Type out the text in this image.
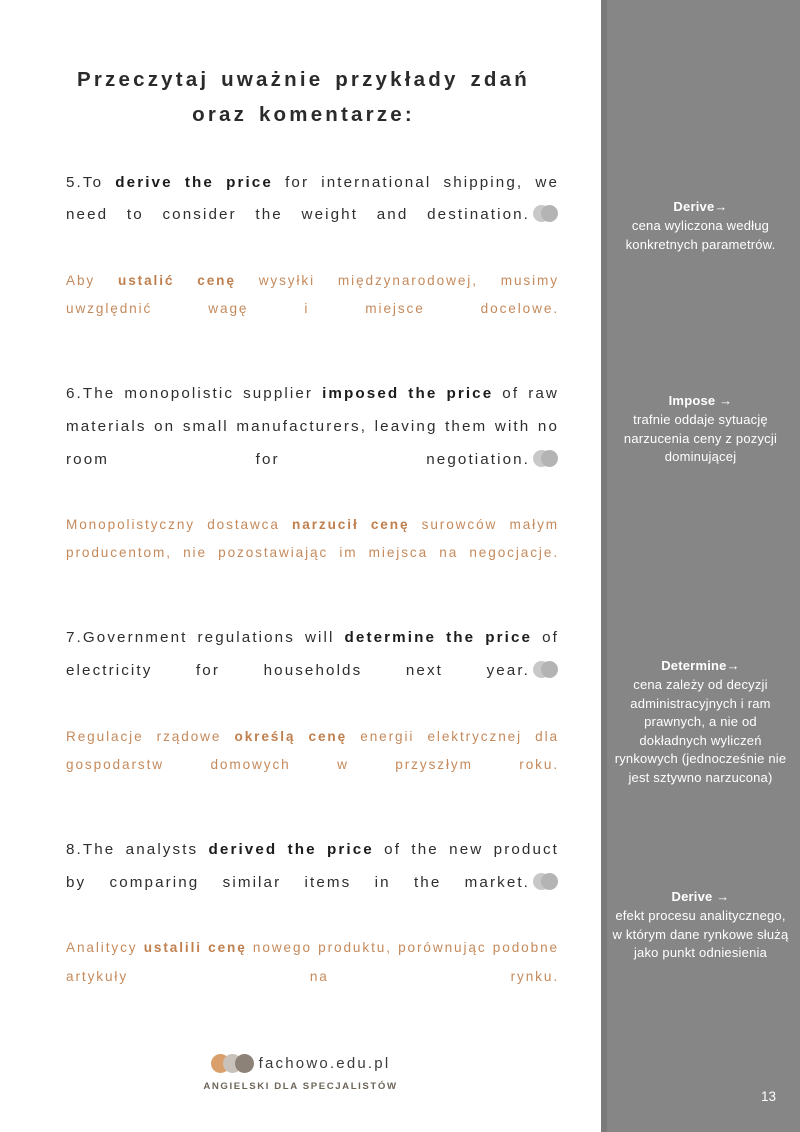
Przeczytaj uważnie przykłady zdań oraz komentarze:

5.To derive the price for international shipping, we need to consider the weight and destination.

Aby ustalić cenę wysyłki międzynarodowej, musimy uwzględnić wagę i miejsce docelowe.

6.The monopolistic supplier imposed the price of raw materials on small manufacturers, leaving them with no room for negotiation.

Monopolistyczny dostawca narzucił cenę surowców małym producentom, nie pozostawiając im miejsca na negocjacje.

7.Government regulations will determine the price of electricity for households next year.

Regulacje rządowe określą cenę energii elektrycznej dla gospodarstw domowych w przyszłym roku.

8.The analysts derived the price of the new product by comparing similar items in the market.

Analitycy ustalili cenę nowego produktu, porównując podobne artykuły na rynku.

fachowo.edu.pl
ANGIELSKI DLA SPECJALISTÓW
Derive→
cena wyliczona według konkretnych parametrów.
Impose →
trafnie oddaje sytuację narzucenia ceny z pozycji dominującej
Determine→
cena zależy od decyzji administracyjnych i ram prawnych, a nie od dokładnych wyliczeń rynkowych (jednocześnie nie jest sztywno narzucona)
Derive →
efekt procesu analitycznego, w którym dane rynkowe służą jako punkt odniesienia
13
